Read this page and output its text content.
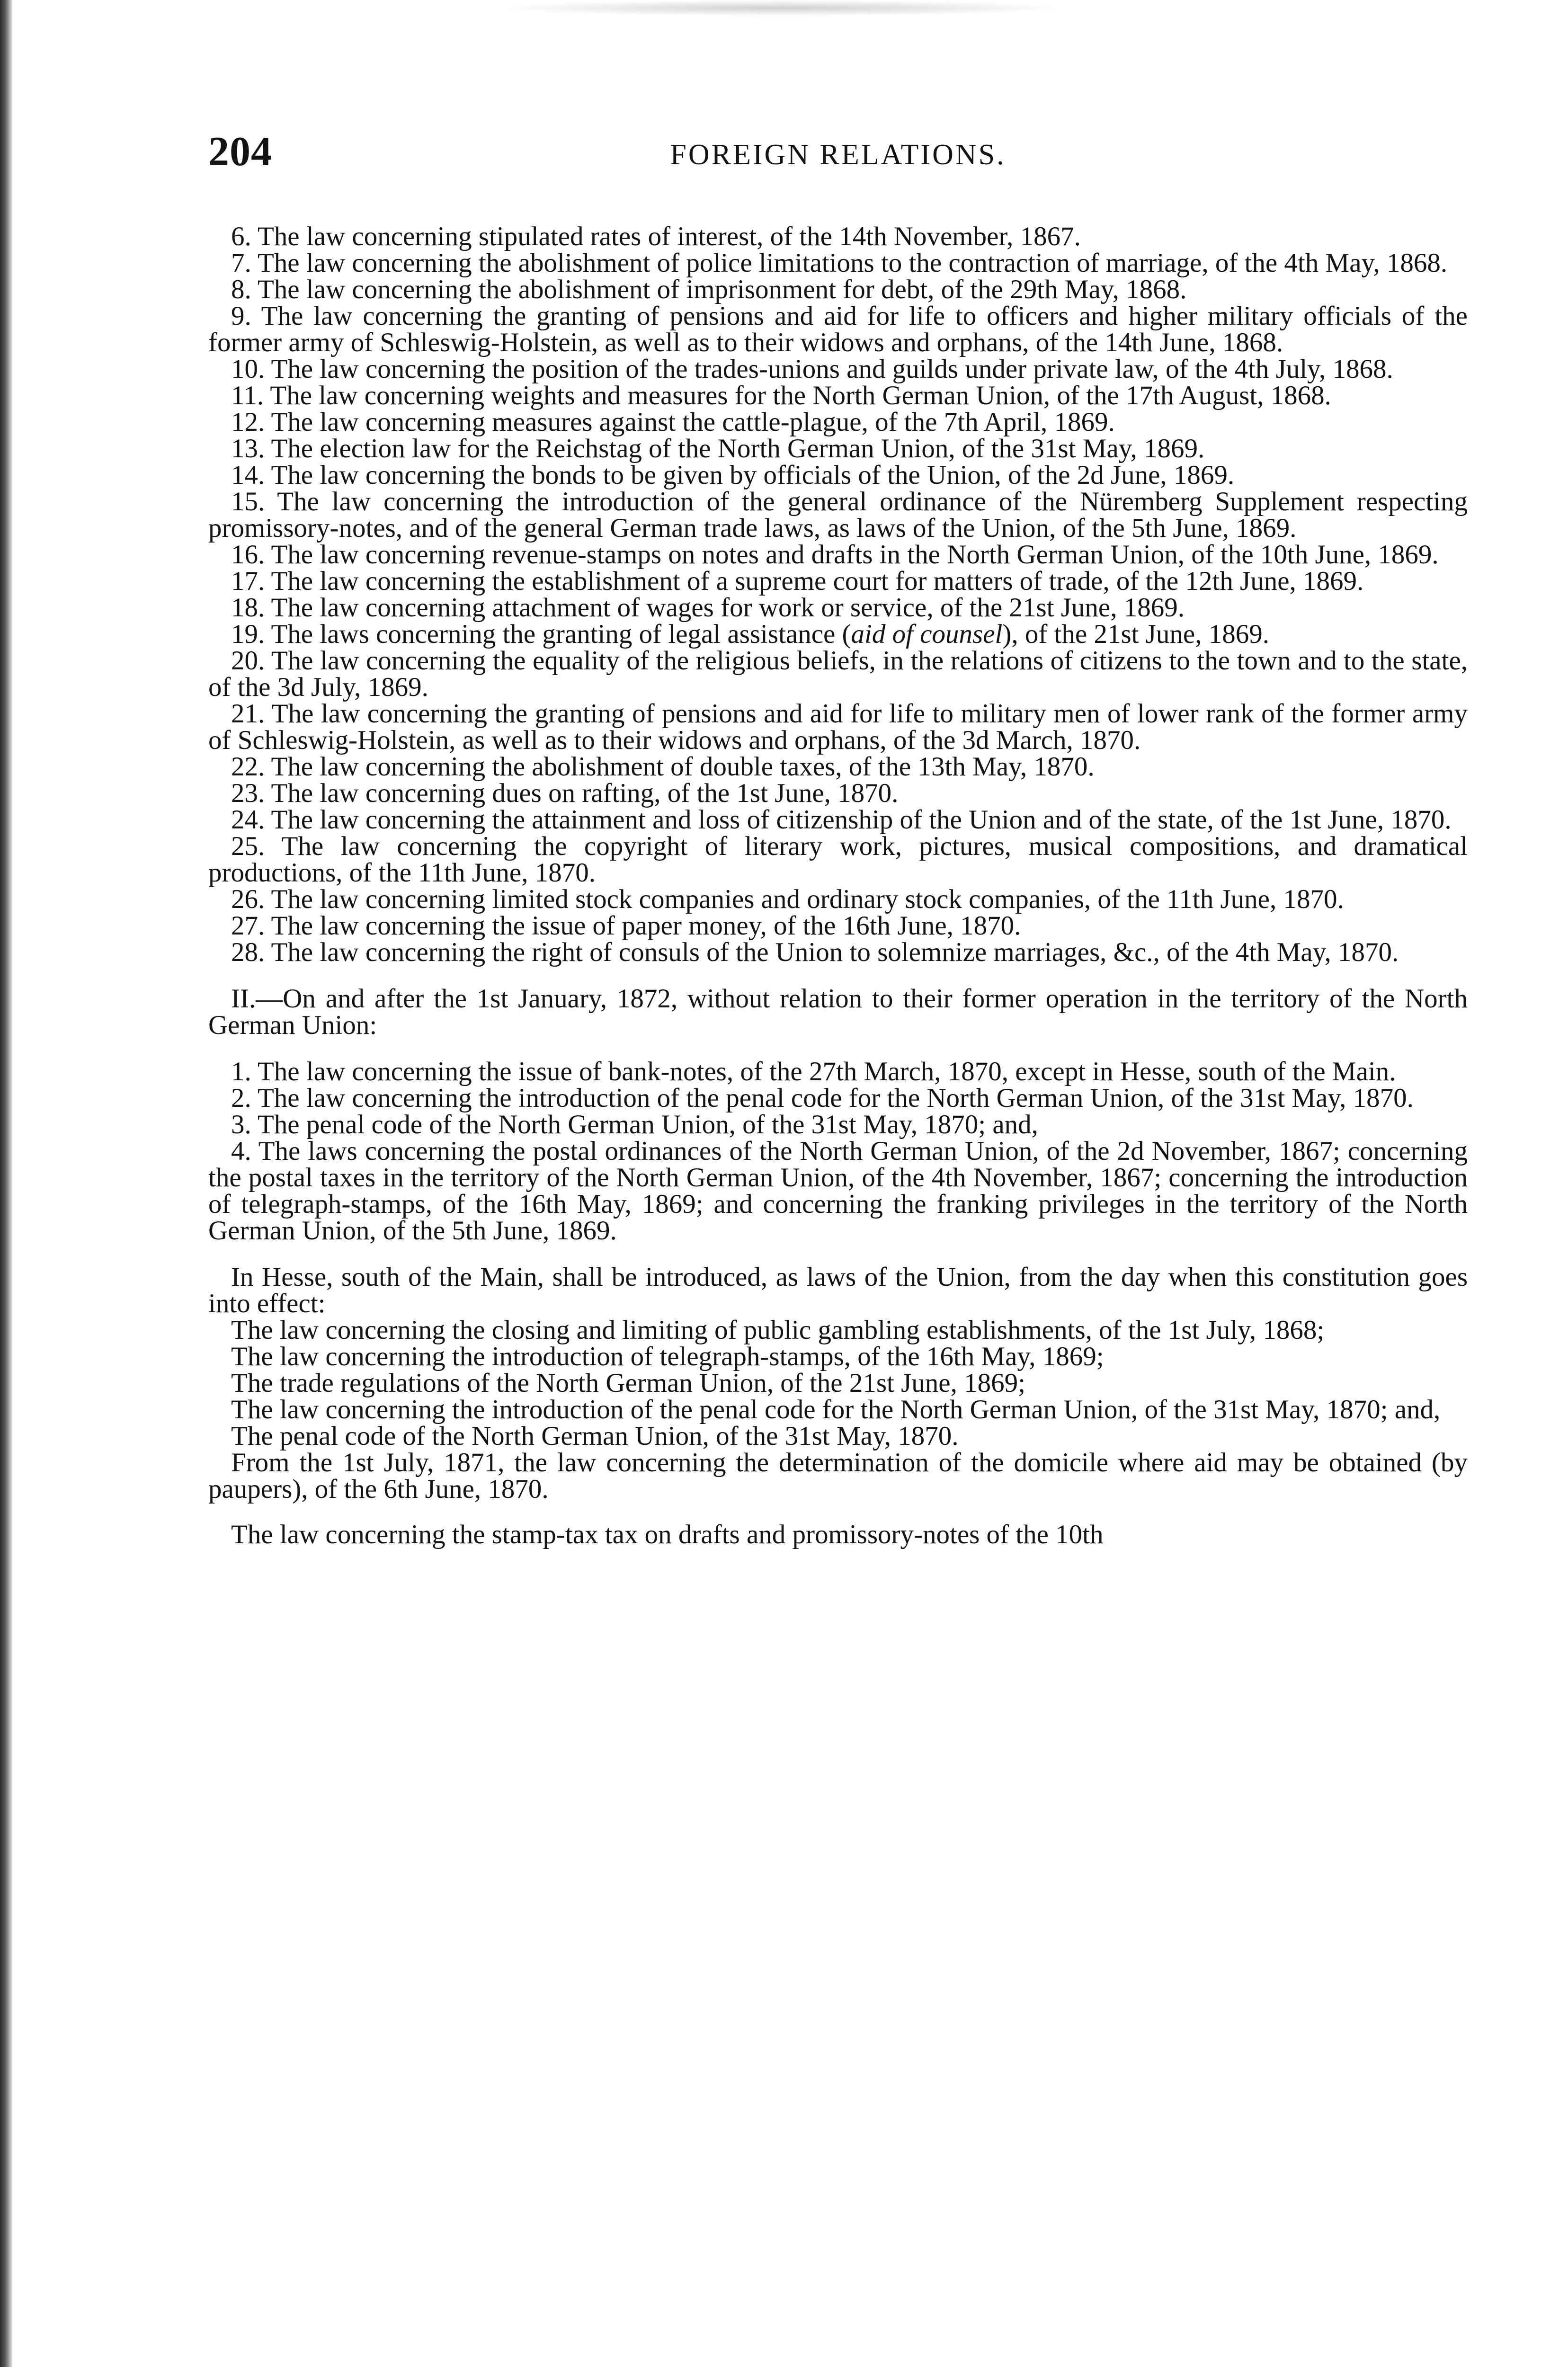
204	FOREIGN RELATIONS.

6. The law concerning stipulated rates of interest, of the 14th November, 1867.

7. The law concerning the abolishment of police limitations to the contraction of marriage, of the 4th May, 1868.

8. The law concerning the abolishment of imprisonment for debt, of the 29th May, 1868.

9. The law concerning the granting of pensions and aid for life to officers and higher military officials of the former army of Schleswig-Holstein, as well as to their widows and orphans, of the 14th June, 1868.

10. The law concerning the position of the trades-unions and guilds under private law, of the 4th July, 1868.

11. The law concerning weights and measures for the North German Union, of the 17th August, 1868.

12. The law concerning measures against the cattle-plague, of the 7th April, 1869.

13. The election law for the Reichstag of the North German Union, of the 31st May, 1869.

14. The law concerning the bonds to be given by officials of the Union, of the 2d June, 1869.

15. The law concerning the introduction of the general ordinance of the Nüremberg Supplement respecting promissory-notes, and of the general German trade laws, as laws of the Union, of the 5th June, 1869.

16. The law concerning revenue-stamps on notes and drafts in the North German Union, of the 10th June, 1869.

17. The law concerning the establishment of a supreme court for matters of trade, of the 12th June, 1869.

18. The law concerning attachment of wages for work or service, of the 21st June, 1869.

19. The laws concerning the granting of legal assistance (aid of counsel), of the 21st June, 1869.

20. The law concerning the equality of the religious beliefs, in the relations of citizens to the town and to the state, of the 3d July, 1869.

21. The law concerning the granting of pensions and aid for life to military men of lower rank of the former army of Schleswig-Holstein, as well as to their widows and orphans, of the 3d March, 1870.

22. The law concerning the abolishment of double taxes, of the 13th May, 1870.

23. The law concerning dues on rafting, of the 1st June, 1870.

24. The law concerning the attainment and loss of citizenship of the Union and of the state, of the 1st June, 1870.

25. The law concerning the copyright of literary work, pictures, musical compositions, and dramatical productions, of the 11th June, 1870.

26. The law concerning limited stock companies and ordinary stock companies, of the 11th June, 1870.

27. The law concerning the issue of paper money, of the 16th June, 1870.

28. The law concerning the right of consuls of the Union to solemnize marriages, &c., of the 4th May, 1870.

II.—On and after the 1st January, 1872, without relation to their former operation in the territory of the North German Union:

1. The law concerning the issue of bank-notes, of the 27th March, 1870, except in Hesse, south of the Main.

2. The law concerning the introduction of the penal code for the North German Union, of the 31st May, 1870.

3. The penal code of the North German Union, of the 31st May, 1870; and,

4. The laws concerning the postal ordinances of the North German Union, of the 2d November, 1867; concerning the postal taxes in the territory of the North German Union, of the 4th November, 1867; concerning the introduction of telegraph-stamps, of the 16th May, 1869; and concerning the franking privileges in the territory of the North German Union, of the 5th June, 1869.

In Hesse, south of the Main, shall be introduced, as laws of the Union, from the day when this constitution goes into effect:

The law concerning the closing and limiting of public gambling establishments, of the 1st July, 1868;

The law concerning the introduction of telegraph-stamps, of the 16th May, 1869;

The trade regulations of the North German Union, of the 21st June, 1869;

The law concerning the introduction of the penal code for the North German Union, of the 31st May, 1870; and,

The penal code of the North German Union, of the 31st May, 1870.

From the 1st July, 1871, the law concerning the determination of the domicile where aid may be obtained (by paupers), of the 6th June, 1870.

The law concerning the stamp-tax tax on drafts and promissory-notes of the 10th
